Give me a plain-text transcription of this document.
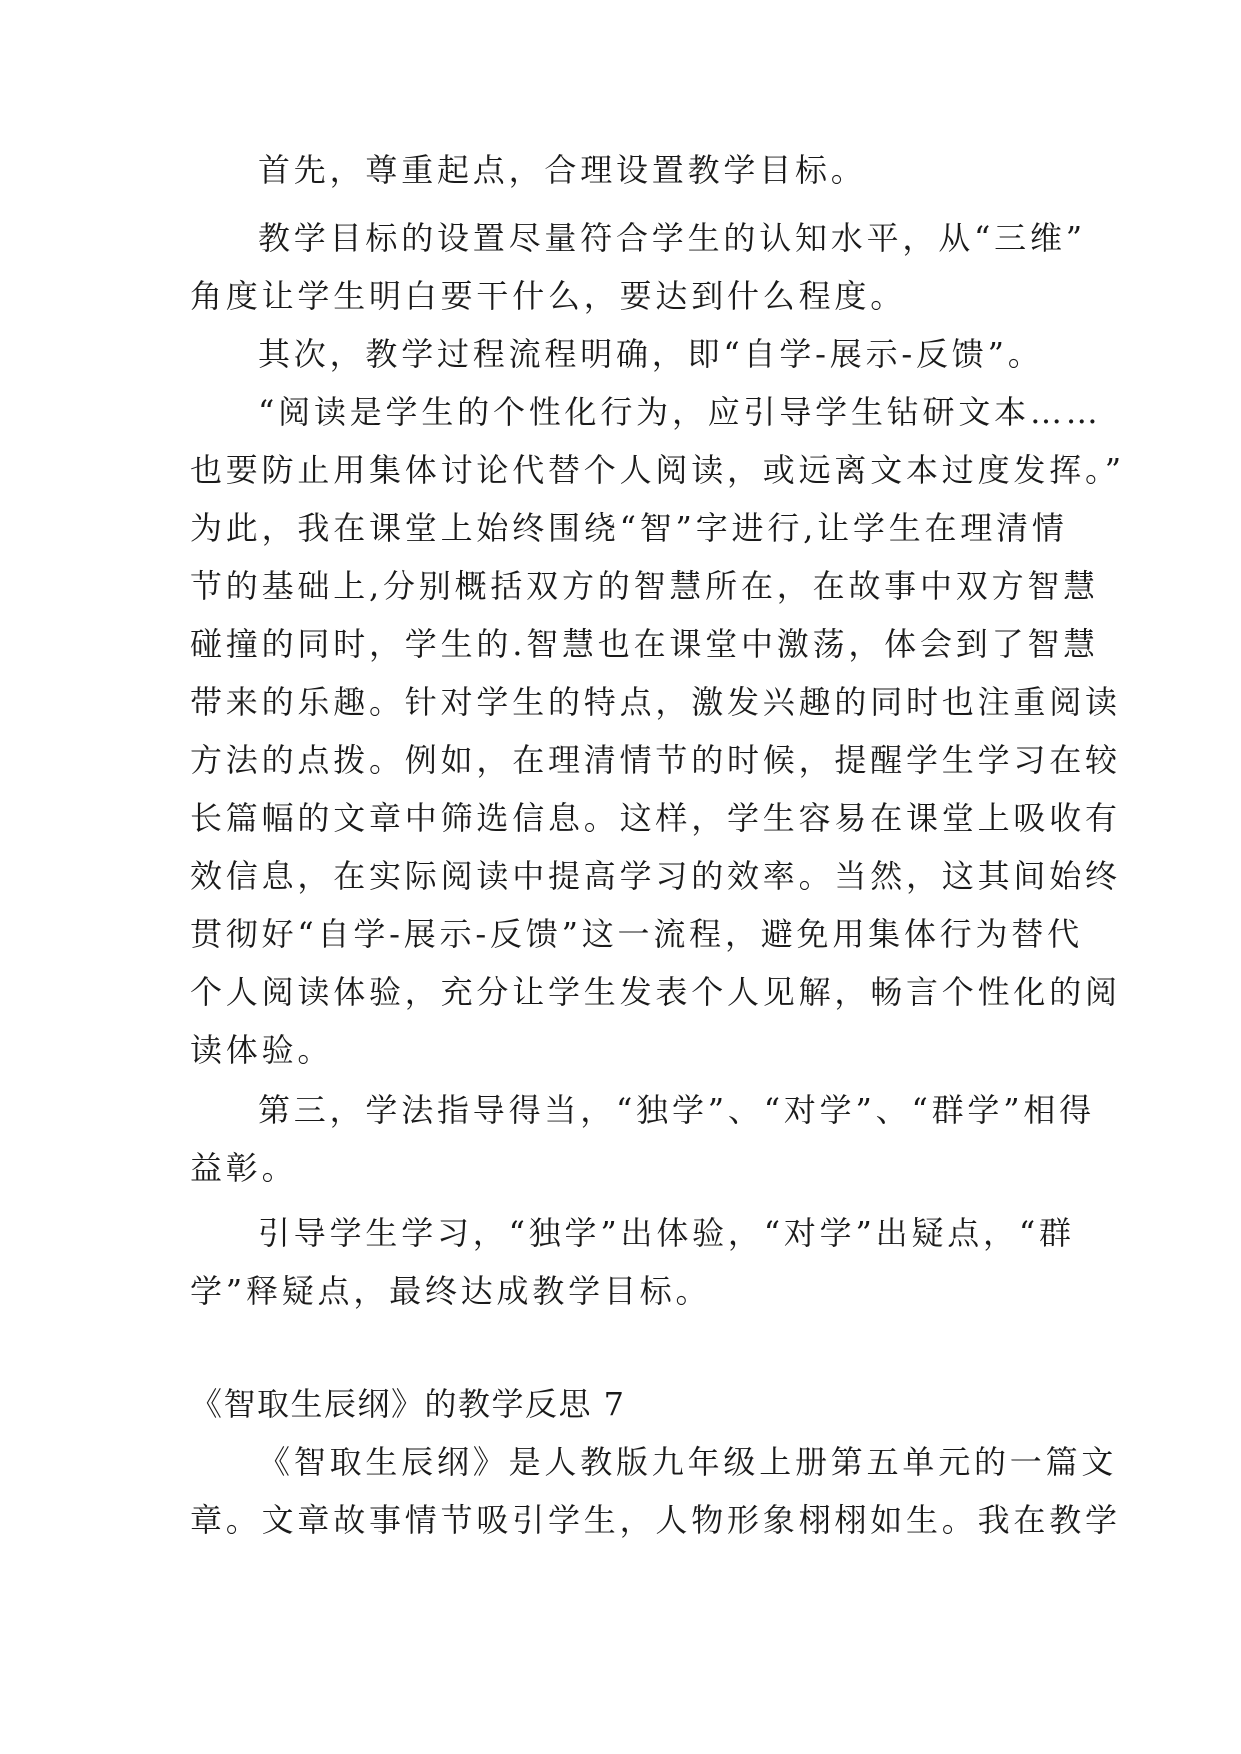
首先，尊重起点，合理设置教学目标。
教学目标的设置尽量符合学生的认知水平，从“三维”
角度让学生明白要干什么，要达到什么程度。
其次，教学过程流程明确，即“自学-展示-反馈”。
“阅读是学生的个性化行为，应引导学生钻研文本……
也要防止用集体讨论代替个人阅读，或远离文本过度发挥。”
为此，我在课堂上始终围绕“智”字进行,让学生在理清情
节的基础上,分别概括双方的智慧所在，在故事中双方智慧
碰撞的同时，学生的.智慧也在课堂中激荡，体会到了智慧
带来的乐趣。针对学生的特点，激发兴趣的同时也注重阅读
方法的点拨。例如，在理清情节的时候，提醒学生学习在较
长篇幅的文章中筛选信息。这样，学生容易在课堂上吸收有
效信息，在实际阅读中提高学习的效率。当然，这其间始终
贯彻好“自学-展示-反馈”这一流程，避免用集体行为替代
个人阅读体验，充分让学生发表个人见解，畅言个性化的阅
读体验。
第三，学法指导得当，“独学”、“对学”、“群学”相得
益彰。
引导学生学习，“独学”出体验，“对学”出疑点，“群
学”释疑点，最终达成教学目标。
《智取生辰纲》的教学反思 7
《智取生辰纲》是人教版九年级上册第五单元的一篇文
章。文章故事情节吸引学生，人物形象栩栩如生。我在教学
